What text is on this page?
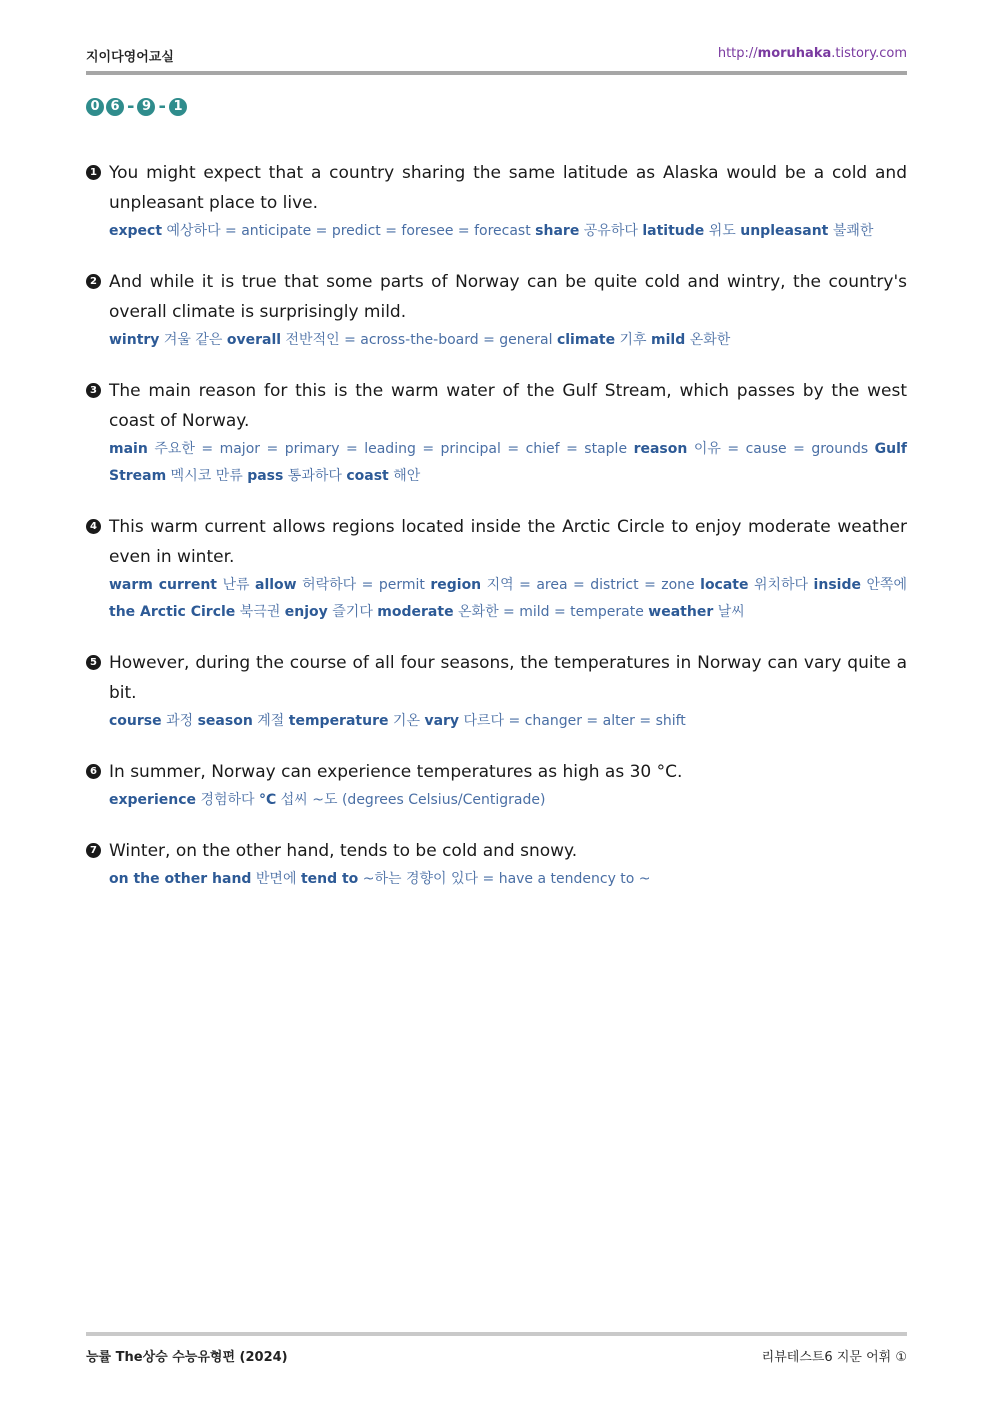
지이다영어교실	http://moruhaka.tistory.com
0 6 - 9 - 1
1 You might expect that a country sharing the same latitude as Alaska would be a cold and unpleasant place to live.
expect 예상하다 = anticipate = predict = foresee = forecast share 공유하다 latitude 위도 unpleasant 불쾌한
2 And while it is true that some parts of Norway can be quite cold and wintry, the country's overall climate is surprisingly mild.
wintry 겨울 같은 overall 전반적인 = across-the-board = general climate 기후 mild 온화한
3 The main reason for this is the warm water of the Gulf Stream, which passes by the west coast of Norway.
main 주요한 = major = primary = leading = principal = chief = staple reason 이유 = cause = grounds Gulf Stream 멕시코 만류 pass 통과하다 coast 해안
4 This warm current allows regions located inside the Arctic Circle to enjoy moderate weather even in winter.
warm current 난류 allow 허락하다 = permit region 지역 = area = district = zone locate 위치하다 inside 안쪽에 the Arctic Circle 북극권 enjoy 즐기다 moderate 온화한 = mild = temperate weather 날씨
5 However, during the course of all four seasons, the temperatures in Norway can vary quite a bit.
course 과정 season 계절 temperature 기온 vary 다르다 = changer = alter = shift
6 In summer, Norway can experience temperatures as high as 30 °C.
experience 경험하다 °C 섭씨 ~도 (degrees Celsius/Centigrade)
7 Winter, on the other hand, tends to be cold and snowy.
on the other hand 반면에 tend to ~하는 경향이 있다 = have a tendency to ~
능률 The상승 수능유형편 (2024)	리뷰테스트6 지문 어휘 ①
